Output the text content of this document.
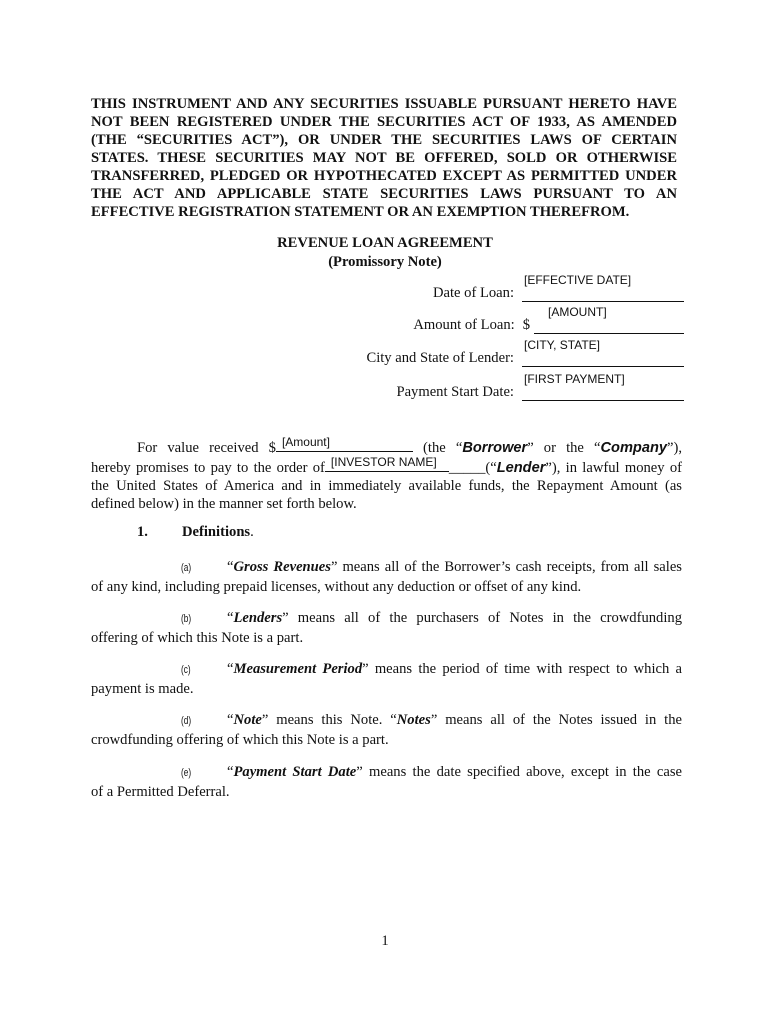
THIS INSTRUMENT AND ANY SECURITIES ISSUABLE PURSUANT HERETO HAVE NOT BEEN REGISTERED UNDER THE SECURITIES ACT OF 1933, AS AMENDED (THE “SECURITIES ACT”), OR UNDER THE SECURITIES LAWS OF CERTAIN STATES. THESE SECURITIES MAY NOT BE OFFERED, SOLD OR OTHERWISE TRANSFERRED, PLEDGED OR HYPOTHECATED EXCEPT AS PERMITTED UNDER THE ACT AND APPLICABLE STATE SECURITIES LAWS PURSUANT TO AN EFFECTIVE REGISTRATION STATEMENT OR AN EXEMPTION THEREFROM.
REVENUE LOAN AGREEMENT
(Promissory Note)
Date of Loan:
[EFFECTIVE DATE]
Amount of Loan: $
[AMOUNT]
City and State of Lender:
[CITY, STATE]
Payment Start Date:
[FIRST PAYMENT]
For value received $ [Amount]	(the “Borrower” or the “Company”),
hereby promises to pay to the order of [INVESTOR NAME] _____(“Lender”), in lawful money of
the United States of America and in immediately available funds, the Repayment Amount (as
defined below) in the manner set forth below.
1. Definitions.
(a) “Gross Revenues” means all of the Borrower’s cash receipts, from all sales
of any kind, including prepaid licenses, without any deduction or offset of any kind.
(b) “Lenders” means all of the purchasers of Notes in the crowdfunding
offering of which this Note is a part.
(c) “Measurement Period” means the period of time with respect to which a
payment is made.
(d) “Note” means this Note. “Notes” means all of the Notes issued in the
crowdfunding offering of which this Note is a part.
(e) “Payment Start Date” means the date specified above, except in the case
of a Permitted Deferral.
1
